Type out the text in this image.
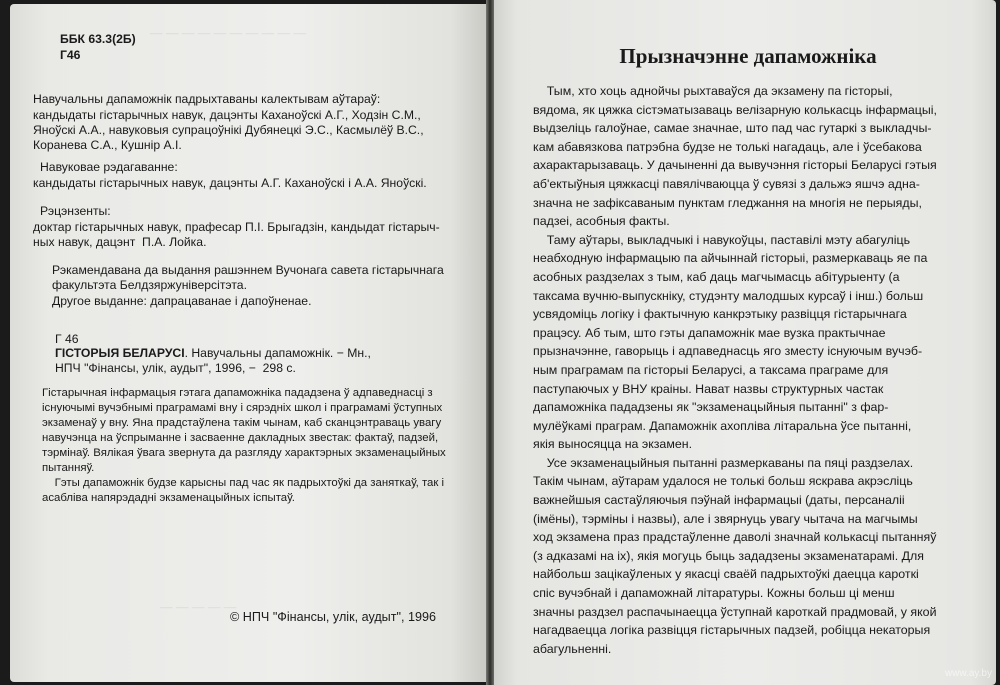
— — — — — — — — — —
— — — — —
ББК 63.3(2Б)
Г46
Навучальны дапаможнік падрыхтаваны калектывам аўтараў:
кандыдаты гістарычных навук, дацэнты Каханоўскі А.Г., Ходзін С.М.,
Яноўскі А.А., навуковыя супрацоўнікі Дубянецкі Э.С., Касмылёў В.С.,
Коранева С.А., Кушнір А.І.
Навуковае рэдагаванне:
кандыдаты гістарычных навук, дацэнты А.Г. Каханоўскі і А.А. Яноўскі.
Рэцэнзенты:
доктар гістарычных навук, прафесар П.І. Брыгадзін, кандыдат гістарыч-
ных навук, дацэнт  П.А. Лойка.
Рэкамендавана да выдання рашэннем Вучонага савета гістарычнага
факультэта Белдзяржуніверсітэта.
Другое выданне: дапрацаванае і дапоўненае.
Г 46
ГІСТОРЫЯ БЕЛАРУСІ. Навучальны дапаможнік. − Мн.,
НПЧ "Фінансы, улік, аудыт", 1996, −  298 с.
Гістарычная інфармацыя гэтага дапаможніка пададзена ў адпаведнасці з
існуючымі вучэбнымі праграмамі вну і сярэдніх школ і праграмамі ўступных
экзаменаў у вну. Яна прадстаўлена такім чынам, каб сканцэнтраваць увагу
навучэнца на ўспрыманне і засваенне дакладных звестак: фактаў, падзей,
тэрмінаў. Вялікая ўвага звернута да разгляду характэрных экзаменацыйных
пытанняў.
Гэты дапаможнік будзе карысны пад час як падрыхтоўкі да заняткаў, так і
асабліва напярэдадні экзаменацыйных іспытаў.
© НПЧ "Фінансы, улік, аудыт", 1996
Прызначэнне дапаможніка
Тым, хто хоць аднойчы рыхтаваўся да экзамену па гісторыі,
вядома, як цяжка сістэматызаваць велізарную колькасць інфармацыі,
выдзеліць галоўнае, самае значнае, што пад час гутаркі з выкладчы-
кам абавязкова патрэбна будзе не толькі нагадаць, але і ўсебакова
ахарактарызаваць. У дачыненні да вывучэння гісторыі Беларусі гэтыя
аб'ектыўныя цяжкасці павялічваюцца ў сувязі з дальжэ яшчэ адна-
значна не зафіксаваным пунктам гледжання на многія не перыяды,
падзеі, асобныя факты.
Таму аўтары, выкладчыкі і навукоўцы, паставілі мэту абагуліць
неабходную інфармацыю па айчыннай гісторыі, размеркаваць яе па
асобных раздзелах з тым, каб даць магчымасць абітурыенту (а
таксама вучню-выпускніку, студэнту малодшых курсаў і інш.) больш
усвядоміць логіку і фактычную канкрэтыку развіцця гістарычнага
працэсу. Аб тым, што гэты дапаможнік мае вузка практычнае
прызначэнне, гаворыць і адпаведнасць яго зместу існуючым вучэб-
ным праграмам па гісторыі Беларусі, а таксама праграме для
паступаючых у ВНУ краіны. Нават назвы структурных частак
дапаможніка пададзены як "экзаменацыйныя пытанні" з фар-
мулёўкамі праграм. Дапаможнік ахопліва літаральна ўсе пытанні,
якія выносяцца на экзамен.
Усе экзаменацыйныя пытанні размеркаваны па пяці раздзелах.
Такім чынам, аўтарам удалося не толькі больш яскрава акрэсліць
важнейшыя састаўляючыя пэўнай інфармацыі (даты, персаналіі
(імёны), тэрміны і назвы), але і звярнуць увагу чытача на магчымы
ход экзамена праз прадстаўленне даволі значнай колькасці пытанняў
(з адказамі на іх), якія могуць быць зададзены экзаменатарамі. Для
найбольш зацікаўленых у якасці сваёй падрыхтоўкі даецца кароткі
спіс вучэбнай і дапаможнай літаратуры. Кожны больш ці менш
значны раздзел распачынаецца ўступнай кароткай прадмовай, у якой
нагадваецца логіка развіцця гістарычных падзей, робіцца некаторыя
абагульненні.
www.ay.by
